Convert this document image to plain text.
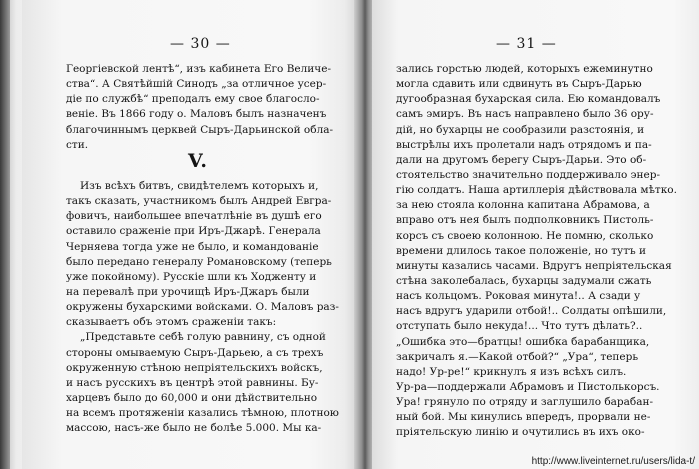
— 30 —
Георгіевской лентѣ“, изъ кабинета Его Величе-
ства“. А Святѣйшій Синодъ „за отличное усер-
діе по службѣ“ преподалъ ему свое благосло-
веніе. Въ 1866 году о. Маловъ былъ назначенъ
благочиннымъ церквей Сыръ-Дарьинской обла-
сти.
V.
Изъ всѣхъ битвъ, свидѣтелемъ которыхъ и,
такъ сказать, участникомъ былъ Андрей Евгра-
фовичъ, наибольшее впечатлѣніе въ душѣ его
оставило сраженіе при Иръ-Джарѣ. Генерала
Черняева тогда уже не было, и командованіе
было передано генералу Романовскому (теперь
уже покойному). Русскіе шли къ Ходженту и
на перевалѣ при урочищѣ Иръ-Джаръ были
окружены бухарскими войсками. О. Маловъ раз-
сказываетъ объ этомъ сраженіи такъ:
„Представьте себѣ голую равнину, съ одной
стороны омываемую Сыръ-Дарьею, а съ трехъ
окруженную стѣною непріятельскихъ войскъ,
и насъ русскихъ въ центрѣ этой равнины. Бу-
харцевъ было до 60,000 и они дѣйствительно
на всемъ протяженіи казались тѣмною, плотною
массою, насъ-же было не болѣе 5.000. Мы ка-
— 31 —
зались горстью людей, которыхъ ежеминутно
могла сдавить или сдвинуть въ Сыръ-Дарью
дугообразная бухарская сила. Ею командовалъ
самъ эмиръ. Въ насъ направлено было 36 ору-
дій, но бухарцы не сообразили разстоянія, и
выстрѣлы ихъ пролетали надъ отрядомъ и па-
дали на другомъ берегу Сыръ-Дарьи. Это об-
стоятельство значительно поддерживало энер-
гію солдатъ. Наша артиллерія дѣйствовала мѣтко.
за нею стояла колонна капитана Абрамова, а
вправо отъ нея былъ подполковникъ Пистоль-
корсъ съ своею колонною. Не помню, сколько
времени длилось такое положеніе, но тутъ и
минуты казались часами. Вдругъ непріятельская
стѣна заколебалась, бухарцы задумали сжать
насъ кольцомъ. Роковая минута!.. А сзади у
насъ вдругъ ударили отбой!.. Солдаты опѣшили,
отступать было некуда!... Что тутъ дѣлать?..
„Ошибка это—братцы! ошибка барабанщика,
закричалъ я.—Какой отбой?“ „Ура“, теперь
надо! Ур-ре!“ крикнулъ я изъ всѣхъ силъ.
Ур-ра—поддержали Абрамовъ и Пистолькорсъ.
Ура! грянуло по отряду и заглушило барабан-
ный бой. Мы кинулись впередъ, прорвали не-
пріятельскую линію и очутились въ ихъ око-
http://www.liveinternet.ru/users/lida-t/
